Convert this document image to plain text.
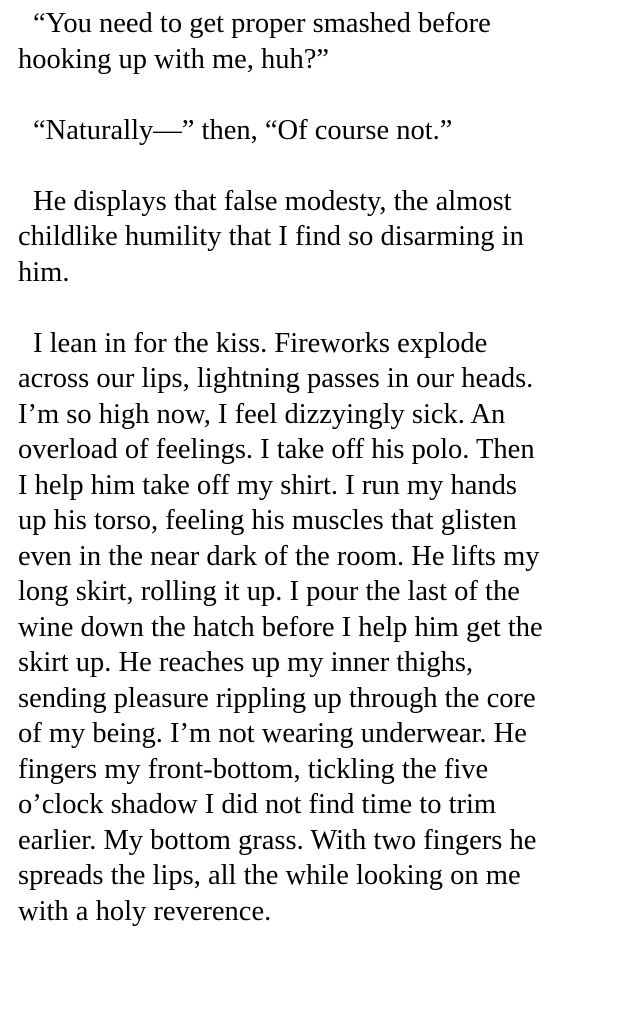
“You need to get proper smashed before
hooking up with me, huh?”
“Naturally—” then, “Of course not.”
He displays that false modesty, the almost
childlike humility that I find so disarming in
him.
I lean in for the kiss. Fireworks explode
across our lips, lightning passes in our heads.
I’m so high now, I feel dizzyingly sick. An
overload of feelings. I take off his polo. Then
I help him take off my shirt. I run my hands
up his torso, feeling his muscles that glisten
even in the near dark of the room. He lifts my
long skirt, rolling it up. I pour the last of the
wine down the hatch before I help him get the
skirt up. He reaches up my inner thighs,
sending pleasure rippling up through the core
of my being. I’m not wearing underwear. He
fingers my front-bottom, tickling the five
o’clock shadow I did not find time to trim
earlier. My bottom grass. With two fingers he
spreads the lips, all the while looking on me
with a holy reverence.
